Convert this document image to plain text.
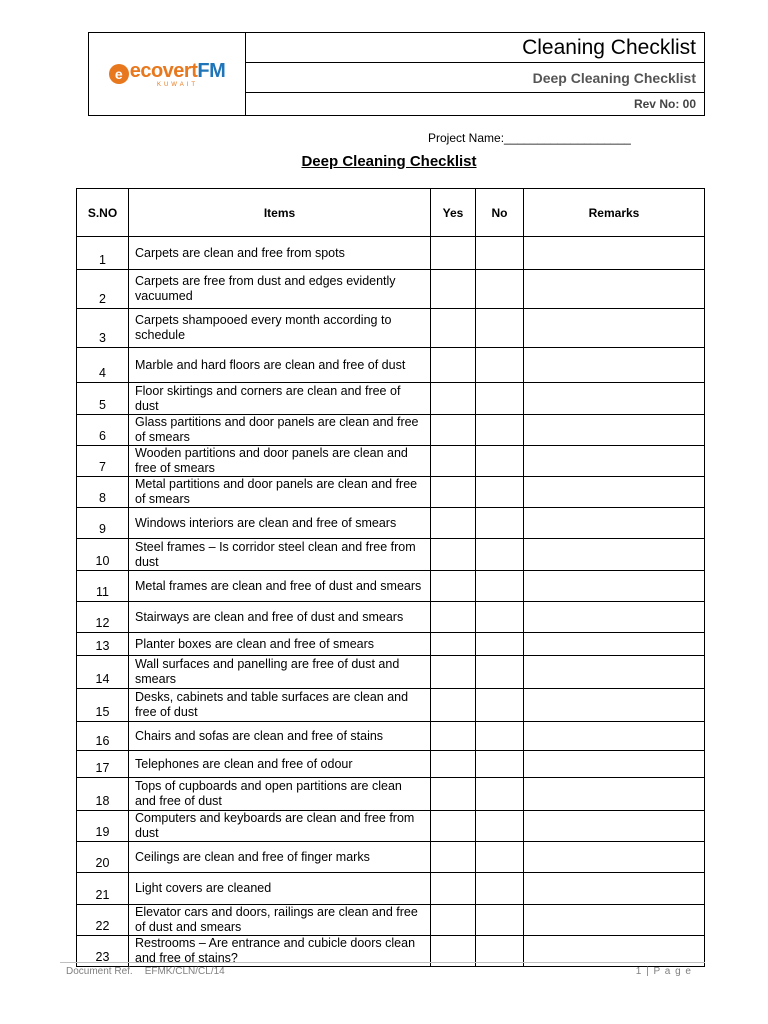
e ecovertFM
KUWAIT
Cleaning Checklist
Deep Cleaning Checklist
Rev No: 00
Project Name:___________________
Deep Cleaning Checklist
S.NO	Items	Yes	No	Remarks
1	Carpets are clean and free from spots			
2	Carpets are free from dust and edges evidently vacuumed			
3	Carpets shampooed every month according to schedule			
4	Marble and hard floors are clean and free of dust			
5	Floor skirtings and corners are clean and free of dust			
6	Glass partitions and door panels are clean and free of smears			
7	Wooden partitions and door panels are clean and free of smears			
8	Metal partitions and door panels are clean and free of smears			
9	Windows interiors are clean and free of smears			
10	Steel frames – Is corridor steel clean and free from dust			
11	Metal frames are clean and free of dust and smears			
12	Stairways are clean and free of dust and smears			
13	Planter boxes are clean and free of smears			
14	Wall surfaces and panelling are free of dust and smears			
15	Desks, cabinets and table surfaces are clean and free of dust			
16	Chairs and sofas are clean and free of stains			
17	Telephones are clean and free of odour			
18	Tops of cupboards and open partitions are clean and free of dust			
19	Computers and keyboards are clean and free from dust			
20	Ceilings are clean and free of finger marks			
21	Light covers are cleaned			
22	Elevator cars and doors, railings are clean and free of dust and smears			
23	Restrooms – Are entrance and cubicle doors clean and free of stains?			
Document Ref. EFMK/CLN/CL/14	1 | P a g e
